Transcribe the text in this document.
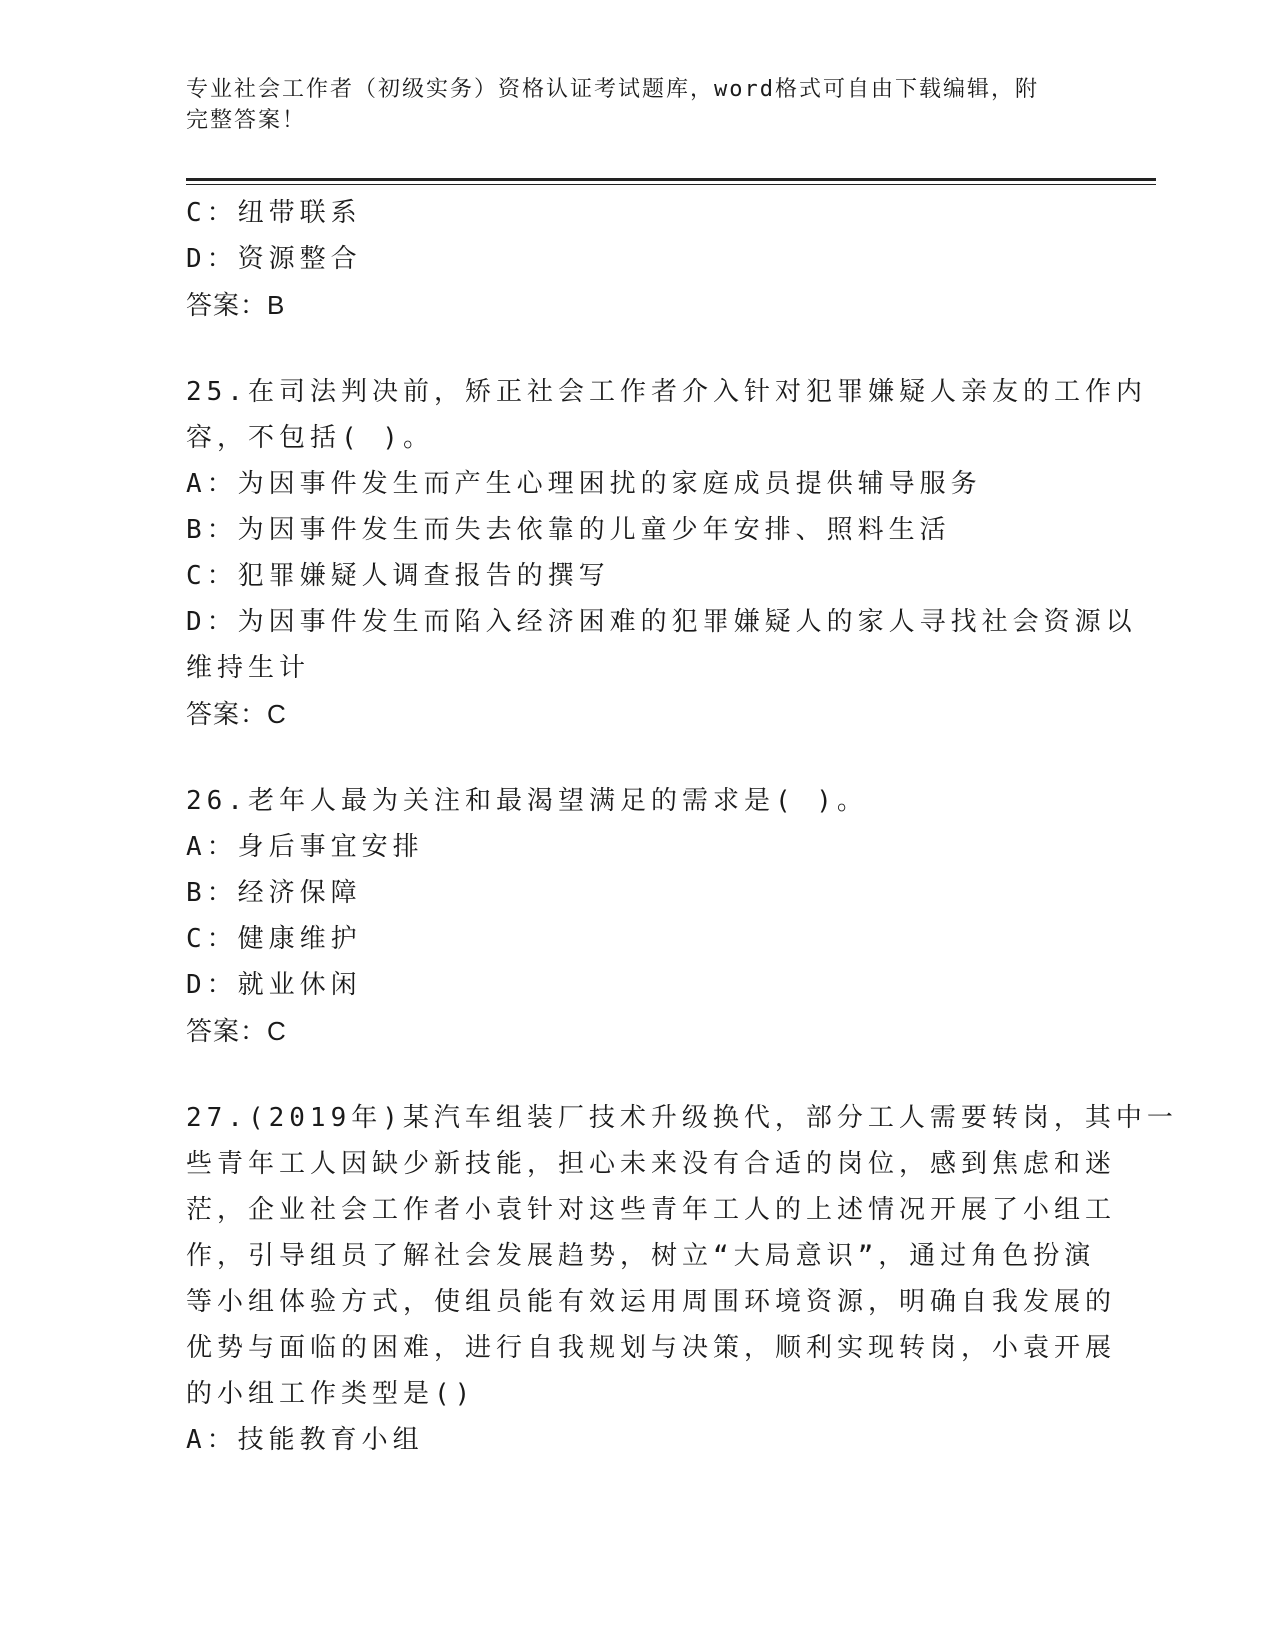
专业社会工作者（初级实务）资格认证考试题库，word格式可自由下载编辑，附
完整答案！
C：纽带联系
D：资源整合
答案：B
25.在司法判决前，矫正社会工作者介入针对犯罪嫌疑人亲友的工作内
容，不包括( )。
A：为因事件发生而产生心理困扰的家庭成员提供辅导服务
B：为因事件发生而失去依靠的儿童少年安排、照料生活
C：犯罪嫌疑人调查报告的撰写
D：为因事件发生而陷入经济困难的犯罪嫌疑人的家人寻找社会资源以
维持生计
答案：C
26.老年人最为关注和最渴望满足的需求是( )。
A：身后事宜安排
B：经济保障
C：健康维护
D：就业休闲
答案：C
27.(2019年)某汽车组装厂技术升级换代，部分工人需要转岗，其中一
些青年工人因缺少新技能，担心未来没有合适的岗位，感到焦虑和迷
茫，企业社会工作者小袁针对这些青年工人的上述情况开展了小组工
作，引导组员了解社会发展趋势，树立“大局意识”，通过角色扮演
等小组体验方式，使组员能有效运用周围环境资源，明确自我发展的
优势与面临的困难，进行自我规划与决策，顺利实现转岗，小袁开展
的小组工作类型是()
A：技能教育小组
